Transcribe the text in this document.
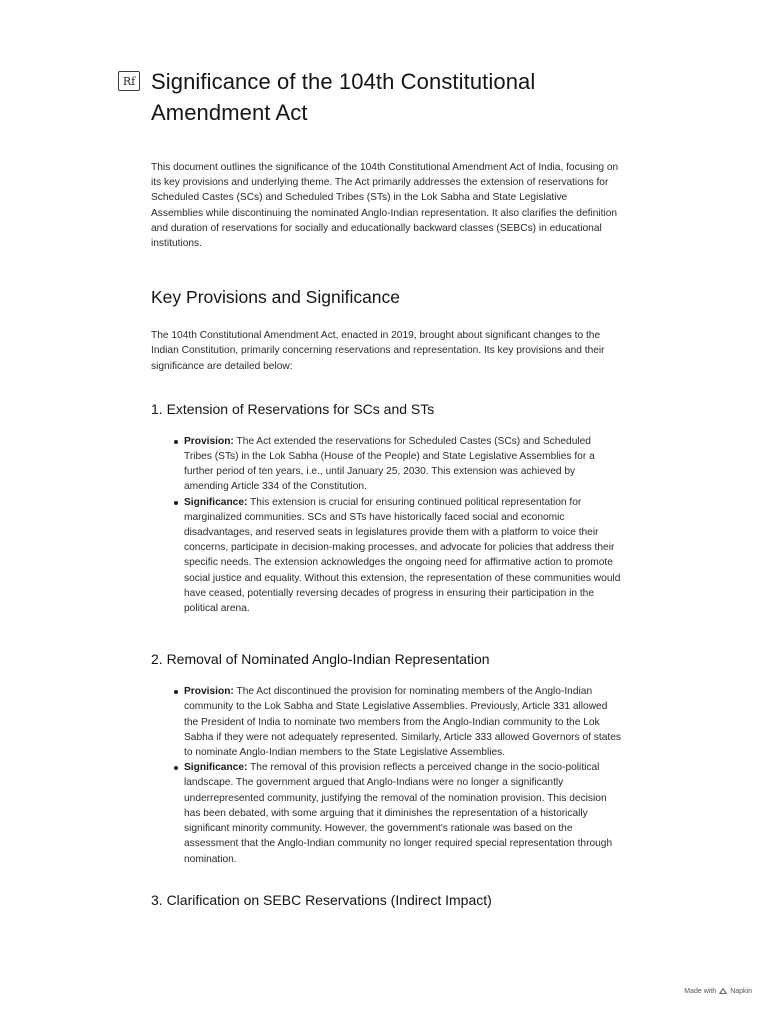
Rf Significance of the 104th Constitutional Amendment Act

This document outlines the significance of the 104th Constitutional Amendment Act of India, focusing on its key provisions and underlying theme. The Act primarily addresses the extension of reservations for Scheduled Castes (SCs) and Scheduled Tribes (STs) in the Lok Sabha and State Legislative Assemblies while discontinuing the nominated Anglo-Indian representation. It also clarifies the definition and duration of reservations for socially and educationally backward classes (SEBCs) in educational institutions.

Key Provisions and Significance

The 104th Constitutional Amendment Act, enacted in 2019, brought about significant changes to the Indian Constitution, primarily concerning reservations and representation. Its key provisions and their significance are detailed below:

1. Extension of Reservations for SCs and STs
Provision: The Act extended the reservations for Scheduled Castes (SCs) and Scheduled Tribes (STs) in the Lok Sabha (House of the People) and State Legislative Assemblies for a further period of ten years, i.e., until January 25, 2030. This extension was achieved by amending Article 334 of the Constitution.
Significance: This extension is crucial for ensuring continued political representation for marginalized communities. SCs and STs have historically faced social and economic disadvantages, and reserved seats in legislatures provide them with a platform to voice their concerns, participate in decision-making processes, and advocate for policies that address their specific needs. The extension acknowledges the ongoing need for affirmative action to promote social justice and equality. Without this extension, the representation of these communities would have ceased, potentially reversing decades of progress in ensuring their participation in the political arena.
2. Removal of Nominated Anglo-Indian Representation
Provision: The Act discontinued the provision for nominating members of the Anglo-Indian community to the Lok Sabha and State Legislative Assemblies. Previously, Article 331 allowed the President of India to nominate two members from the Anglo-Indian community to the Lok Sabha if they were not adequately represented. Similarly, Article 333 allowed Governors of states to nominate Anglo-Indian members to the State Legislative Assemblies.
Significance: The removal of this provision reflects a perceived change in the socio-political landscape. The government argued that Anglo-Indians were no longer a significantly underrepresented community, justifying the removal of the nomination provision. This decision has been debated, with some arguing that it diminishes the representation of a historically significant minority community. However, the government's rationale was based on the assessment that the Anglo-Indian community no longer required special representation through nomination.
3. Clarification on SEBC Reservations (Indirect Impact)
Made with Napkin
